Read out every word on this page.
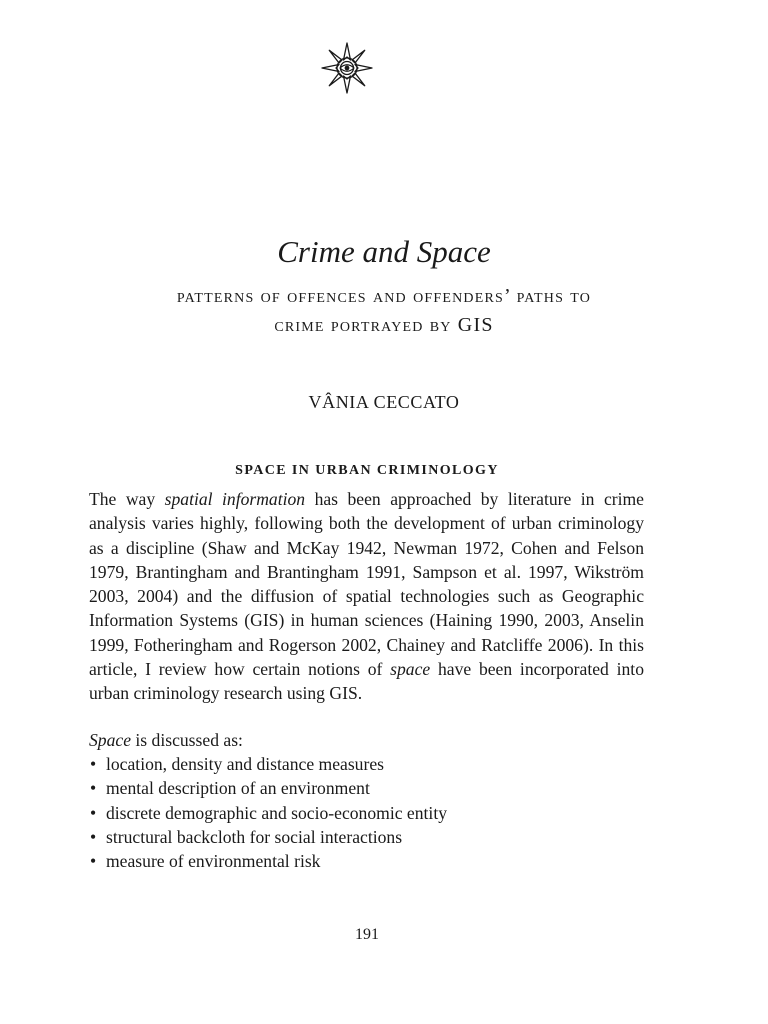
Crime and Space
patterns of offences and offenders’ paths to
crime portrayed by GIS
VÂNIA CECCATO
SPACE IN URBAN CRIMINOLOGY

The way spatial information has been approached by literature in crime analysis varies highly, following both the development of urban criminology as a discipline (Shaw and McKay 1942, Newman 1972, Cohen and Felson 1979, Brantingham and Brantingham 1991, Sampson et al. 1997, Wikström 2003, 2004) and the diffusion of spatial technologies such as Geographic Information Systems (GIS) in human sciences (Haining 1990, 2003, Anselin 1999, Fotheringham and Rogerson 2002, Chainey and Ratcliffe 2006). In this article, I review how certain notions of space have been incorporated into urban criminology research using GIS.

Space is discussed as:

• location, density and distance measures
• mental description of an environment
• discrete demographic and socio-economic entity
• structural backcloth for social interactions
• measure of environmental risk
191
